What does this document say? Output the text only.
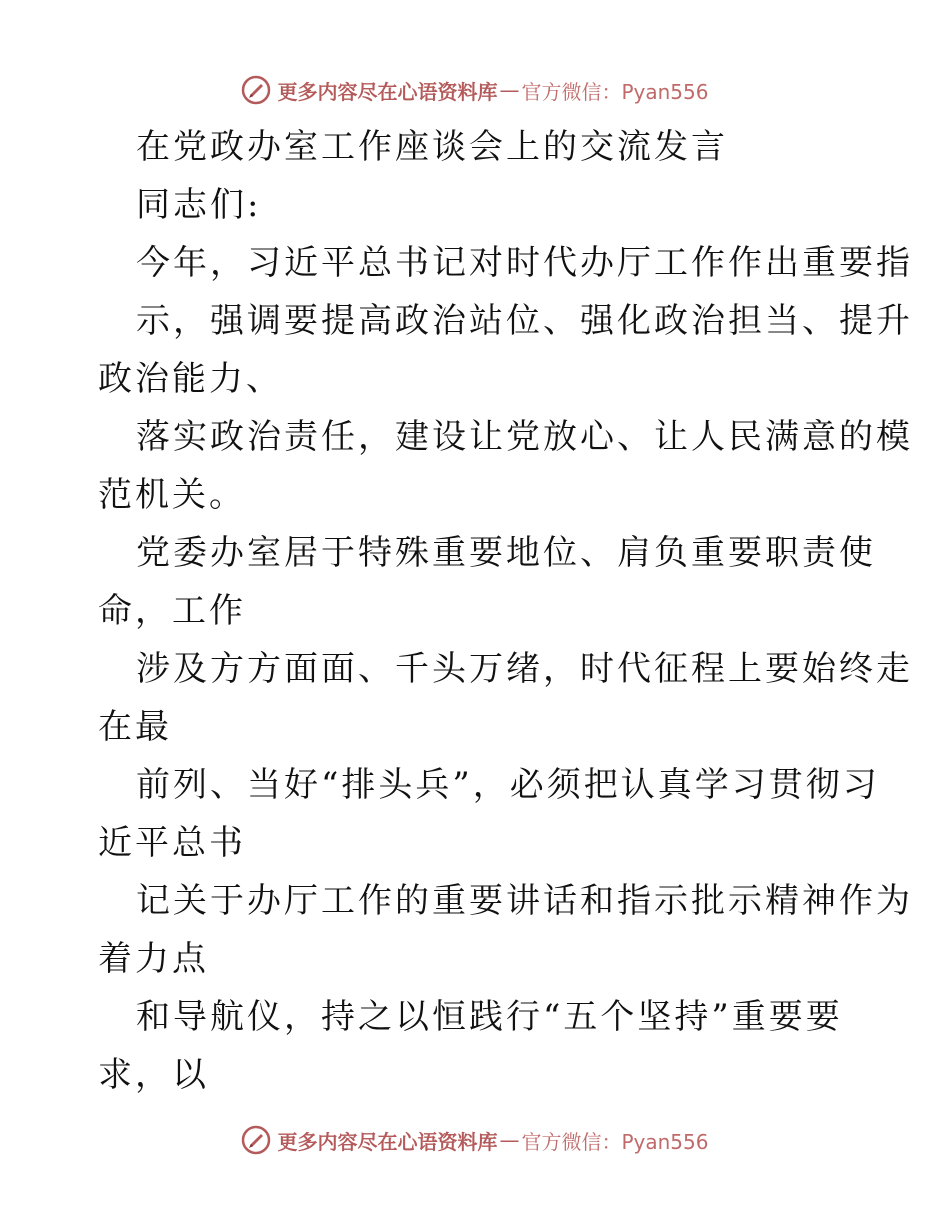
更多内容尽在心语资料库 — 官方微信：Pyan556
在党政办室工作座谈会上的交流发言
同志们:
今年，习近平总书记对时代办厅工作作出重要指
示，强调要提高政治站位、强化政治担当、提升
政治能力、
落实政治责任，建设让党放心、让人民满意的模
范机关。
党委办室居于特殊重要地位、肩负重要职责使
命，工作
涉及方方面面、千头万绪，时代征程上要始终走
在最
前列、当好“排头兵”，必须把认真学习贯彻习
近平总书
记关于办厅工作的重要讲话和指示批示精神作为
着力点
和导航仪，持之以恒践行“五个坚持”重要要
求，以
更多内容尽在心语资料库 — 官方微信：Pyan556
